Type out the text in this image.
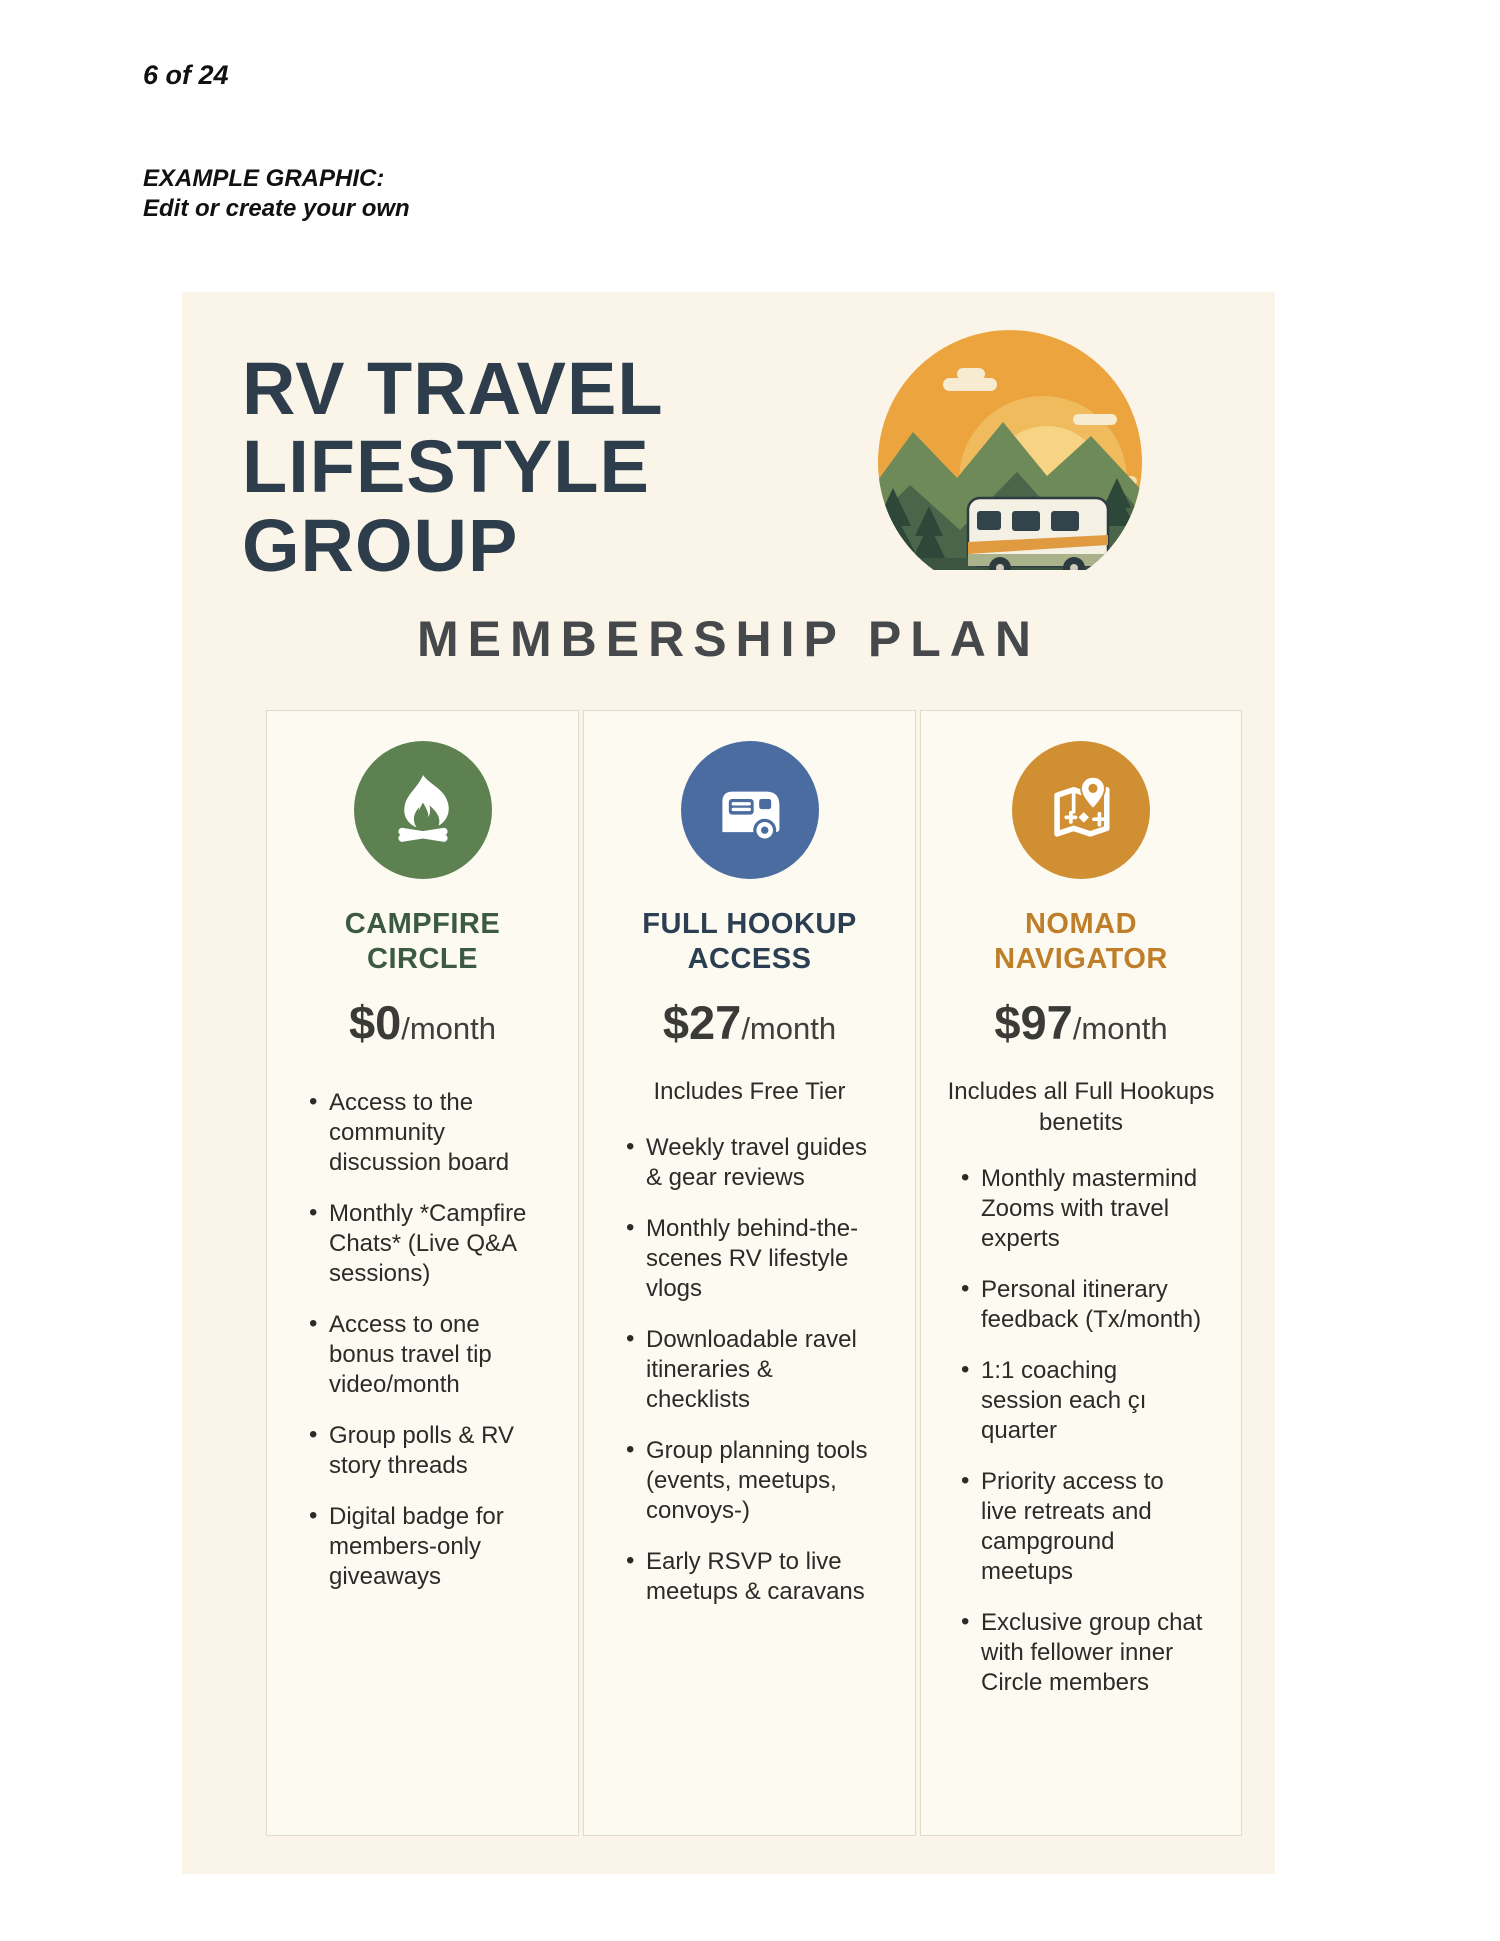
6 of 24
EXAMPLE GRAPHIC:
Edit or create your own
RV TRAVEL
LIFESTYLE
GROUP
MEMBERSHIP PLAN
CAMPFIRE
CIRCLE
$0 /month
• Access to the community discussion board
• Monthly *Campfire Chats* (Live Q&A sessions)
• Access to one bonus travel tip video/month
• Group polls & RV story threads
• Digital badge for members-only giveaways
FULL HOOKUP
ACCESS
$27 /month

Includes Free Tier

• Weekly travel guides & gear reviews
• Monthly behind-the-scenes RV lifestyle vlogs
• Downloadable ravel itineraries & checklists
• Group planning tools (events, meetups, convoys-)
• Early RSVP to live meetups & caravans
NOMAD
NAVIGATOR
$97 /month

Includes all Full Hookups benetits

• Monthly mastermind Zooms with travel experts
• Personal itinerary feedback (Tx/month)
• 1:1 coaching session each çı quarter
• Priority access to live retreats and campground meetups
• Exclusive group chat with fellower inner Circle members
